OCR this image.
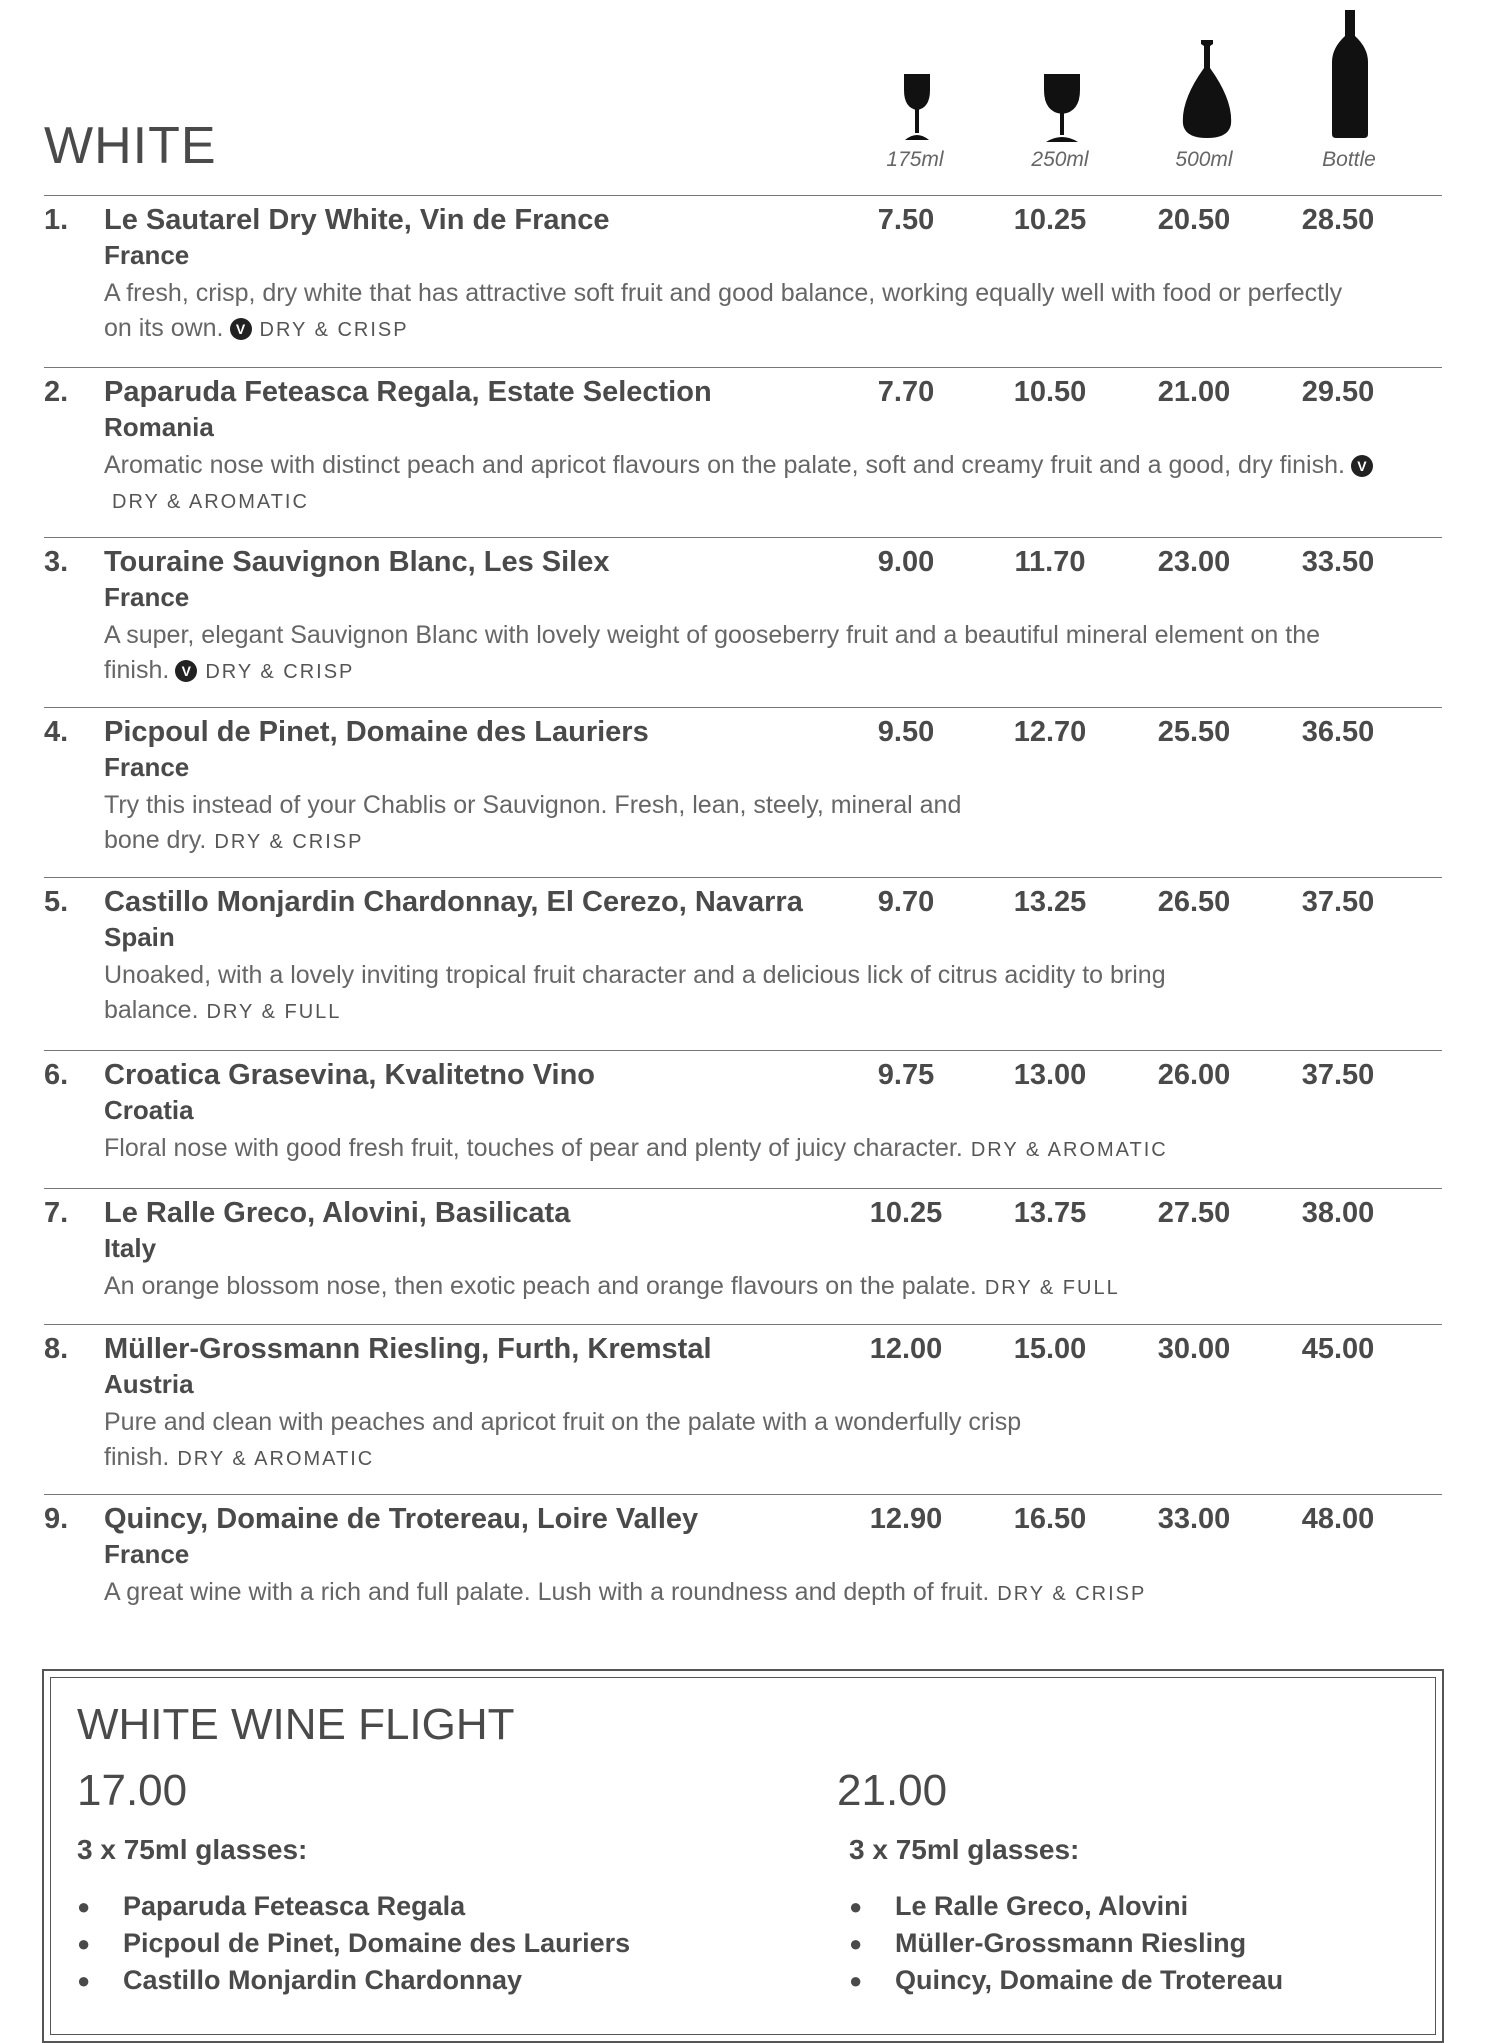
WHITE	175ml	250ml	500ml	Bottle
1. Le Sautarel Dry White, Vin de France	7.50	10.25	20.50	28.50
France
A fresh, crisp, dry white that has attractive soft fruit and good balance, working equally well with food or perfectly on its own. V DRY & CRISP
2. Paparuda Feteasca Regala, Estate Selection	7.70	10.50	21.00	29.50
Romania
Aromatic nose with distinct peach and apricot flavours on the palate, soft and creamy fruit and a good, dry finish. VDRY & AROMATIC
3. Touraine Sauvignon Blanc, Les Silex	9.00	11.70	23.00	33.50
France
A super, elegant Sauvignon Blanc with lovely weight of gooseberry fruit and a beautiful mineral element on the finish. V DRY & CRISP
4. Picpoul de Pinet, Domaine des Lauriers	9.50	12.70	25.50	36.50
France
Try this instead of your Chablis or Sauvignon. Fresh, lean, steely, mineral and bone dry. DRY & CRISP
5. Castillo Monjardin Chardonnay, El Cerezo, Navarra	9.70	13.25	26.50	37.50
Spain
Unoaked, with a lovely inviting tropical fruit character and a delicious lick of citrus acidity to bring balance. DRY & FULL
6. Croatica Grasevina, Kvalitetno Vino	9.75	13.00	26.00	37.50
Croatia
Floral nose with good fresh fruit, touches of pear and plenty of juicy character. DRY & AROMATIC
7. Le Ralle Greco, Alovini, Basilicata	10.25	13.75	27.50	38.00
Italy
An orange blossom nose, then exotic peach and orange flavours on the palate. DRY & FULL
8. Müller-Grossmann Riesling, Furth, Kremstal	12.00	15.00	30.00	45.00
Austria
Pure and clean with peaches and apricot fruit on the palate with a wonderfully crisp finish. DRY & AROMATIC
9. Quincy, Domaine de Trotereau, Loire Valley	12.90	16.50	33.00	48.00
France
A great wine with a rich and full palate. Lush with a roundness and depth of fruit. DRY & CRISP
WHITE WINE FLIGHT
17.00
3 x 75ml glasses:
● Paparuda Feteasca Regala
● Picpoul de Pinet, Domaine des Lauriers
● Castillo Monjardin Chardonnay
21.00
3 x 75ml glasses:
● Le Ralle Greco, Alovini
● Müller-Grossmann Riesling
● Quincy, Domaine de Trotereau
